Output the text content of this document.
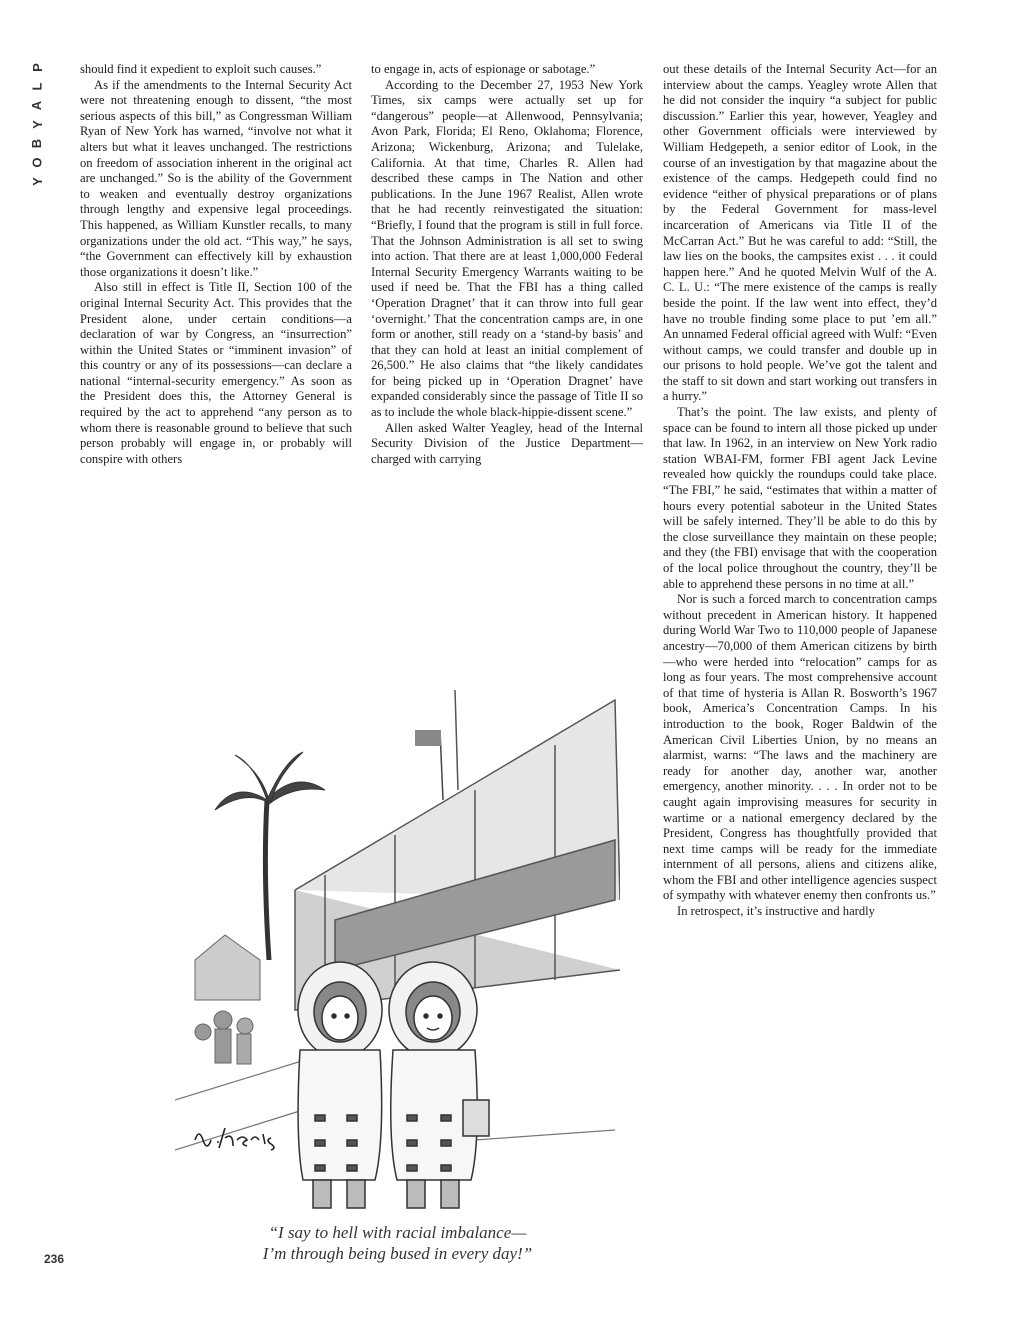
P
L
A
Y
B
O
Y

should find it expedient to exploit such causes.”

As if the amendments to the Internal Security Act were not threatening enough to dissent, “the most serious aspects of this bill,” as Congressman William Ryan of New York has warned, “involve not what it alters but what it leaves unchanged. The restrictions on freedom of association inherent in the original act are unchanged.” So is the ability of the Government to weaken and eventually destroy organizations through lengthy and expensive legal proceedings. This happened, as William Kunstler recalls, to many organizations under the old act. “This way,” he says, “the Government can effectively kill by exhaustion those organizations it doesn’t like.”

Also still in effect is Title II, Section 100 of the original Internal Security Act. This provides that the President alone, under certain conditions—a declaration of war by Congress, an “insurrection” within the United States or “imminent invasion” of this country or any of its possessions—can declare a national “internal-security emergency.” As soon as the President does this, the Attorney General is required by the act to apprehend “any person as to whom there is reasonable ground to believe that such person probably will engage in, or probably will conspire with others

to engage in, acts of espionage or sabotage.”

According to the December 27, 1953 New York Times, six camps were actually set up for “dangerous” people—at Allenwood, Pennsylvania; Avon Park, Florida; El Reno, Oklahoma; Florence, Arizona; Wickenburg, Arizona; and Tulelake, California. At that time, Charles R. Allen had described these camps in The Nation and other publications. In the June 1967 Realist, Allen wrote that he had recently reinvestigated the situation: “Briefly, I found that the program is still in full force. That the Johnson Administration is all set to swing into action. That there are at least 1,000,000 Federal Internal Security Emergency Warrants waiting to be used if need be. That the FBI has a thing called ‘Operation Dragnet’ that it can throw into full gear ‘overnight.’ That the concentration camps are, in one form or another, still ready on a ‘stand-by basis’ and that they can hold at least an initial complement of 26,500.” He also claims that “the likely candidates for being picked up in ‘Operation Dragnet’ have expanded considerably since the passage of Title II so as to include the whole black-hippie-dissent scene.”

Allen asked Walter Yeagley, head of the Internal Security Division of the Justice Department—charged with carrying

out these details of the Internal Security Act—for an interview about the camps. Yeagley wrote Allen that he did not consider the inquiry “a subject for public discussion.” Earlier this year, however, Yeagley and other Government officials were interviewed by William Hedgepeth, a senior editor of Look, in the course of an investigation by that magazine about the existence of the camps. Hedgepeth could find no evidence “either of physical preparations or of plans by the Federal Government for mass-level incarceration of Americans via Title II of the McCarran Act.” But he was careful to add: “Still, the law lies on the books, the campsites exist . . . it could happen here.” And he quoted Melvin Wulf of the A. C. L. U.: “The mere existence of the camps is really beside the point. If the law went into effect, they’d have no trouble finding some place to put ’em all.” An unnamed Federal official agreed with Wulf: “Even without camps, we could transfer and double up in our prisons to hold people. We’ve got the talent and the staff to sit down and start working out transfers in a hurry.”

That’s the point. The law exists, and plenty of space can be found to intern all those picked up under that law. In 1962, in an interview on New York radio station WBAI-FM, former FBI agent Jack Levine revealed how quickly the roundups could take place. “The FBI,” he said, “estimates that within a matter of hours every potential saboteur in the United States will be safely interned. They’ll be able to do this by the close surveillance they maintain on these people; and they (the FBI) envisage that with the cooperation of the local police throughout the country, they’ll be able to apprehend these persons in no time at all.”

Nor is such a forced march to concentration camps without precedent in American history. It happened during World War Two to 110,000 people of Japanese ancestry—70,000 of them American citizens by birth—who were herded into “relocation” camps for as long as four years. The most comprehensive account of that time of hysteria is Allan R. Bosworth’s 1967 book, America’s Concentration Camps. In his introduction to the book, Roger Baldwin of the American Civil Liberties Union, by no means an alarmist, warns: “The laws and the machinery are ready for another day, another war, another emergency, another minority. . . . In order not to be caught again improvising measures for security in wartime or a national emergency declared by the President, Congress has thoughtfully provided that next time camps will be ready for the immediate internment of all persons, aliens and citizens alike, whom the FBI and other intelligence agencies suspect of sympathy with whatever enemy then confronts us.”

In retrospect, it’s instructive and hardly

“I say to hell with racial imbalance—
I’m through being bused in every day!”
236
